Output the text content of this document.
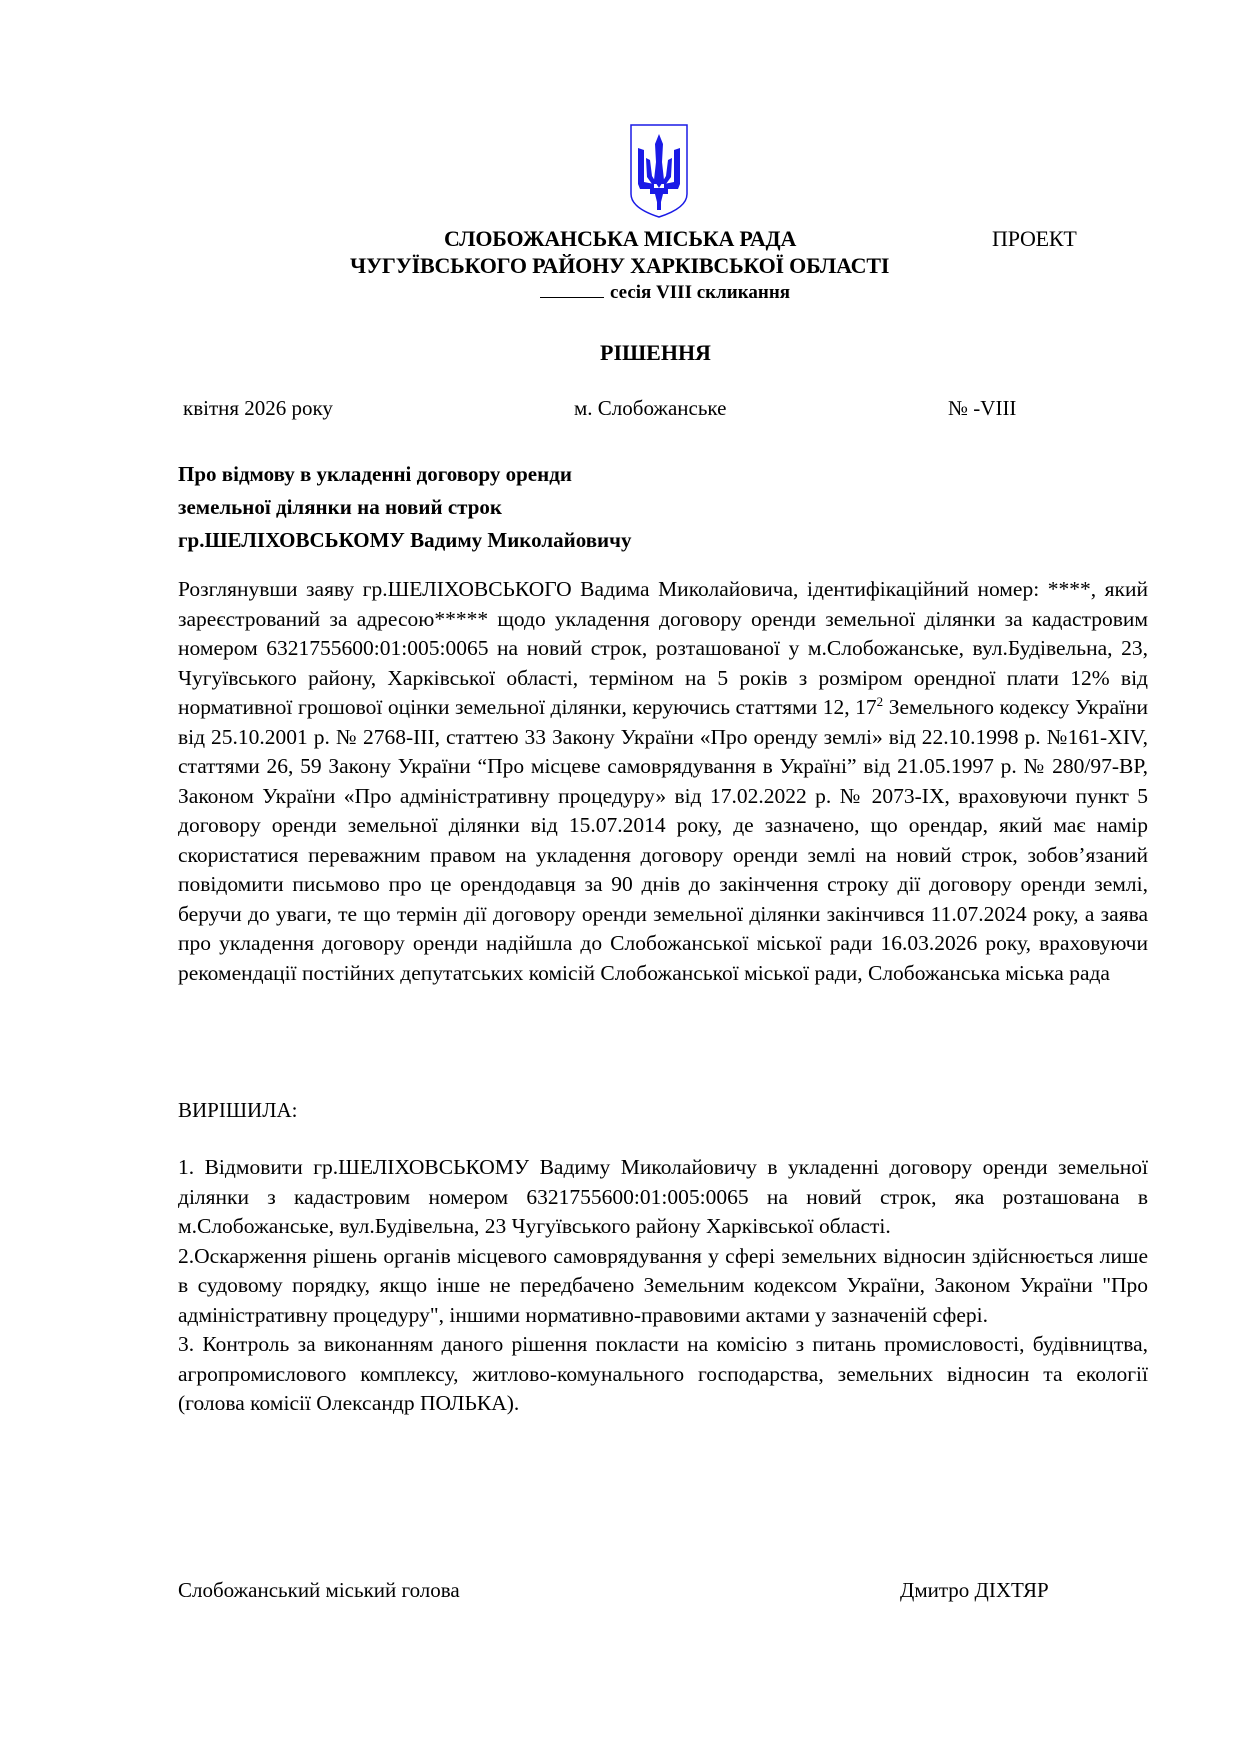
СЛОБОЖАНСЬКА МІСЬКА РАДА	ПРОЕКТ
ЧУГУЇВСЬКОГО РАЙОНУ ХАРКІВСЬКОЇ ОБЛАСТІ
сесія VIII скликання
РІШЕННЯ
квітня 2026 року	м. Слобожанське	№ -VIII
Про відмову в укладенні договору оренди
земельної ділянки на новий строк
гр.ШЕЛІХОВСЬКОМУ Вадиму Миколайовичу
Розглянувши заяву гр.ШЕЛІХОВСЬКОГО Вадима Миколайовича, ідентифікаційний номер: ****, який зареєстрований за адресою***** щодо укладення договору оренди земельної ділянки за кадастровим номером 6321755600:01:005:0065 на новий строк, розташованої у м.Слобожанське, вул.Будівельна, 23, Чугуївського району, Харківської області, терміном на 5 років з розміром орендної плати 12% від нормативної грошової оцінки земельної ділянки, керуючись статтями 12, $17^2$ Земельного кодексу України від 25.10.2001 р. № 2768-ІІІ, статтею 33 Закону України «Про оренду землі» від 22.10.1998 р. №161-XIV, статтями 26, 59 Закону України “Про місцеве самоврядування в Україні” від 21.05.1997 р. № 280/97-ВР, Законом України «Про адміністративну процедуру» від 17.02.2022 р. № 2073-ІХ, враховуючи пункт 5 договору оренди земельної ділянки від 15.07.2014 року, де зазначено, що орендар, який має намір скористатися переважним правом на укладення договору оренди землі на новий строк, зобов’язаний повідомити письмово про це орендодавця за 90 днів до закінчення строку дії договору оренди землі, беручи до уваги, те що термін дії договору оренди земельної ділянки закінчився 11.07.2024 року, а заява про укладення договору оренди надійшла до Слобожанської міської ради 16.03.2026 року, враховуючи рекомендації постійних депутатських комісій Слобожанської міської ради, Слобожанська міська рада
ВИРІШИЛА:

1. Відмовити гр.ШЕЛІХОВСЬКОМУ Вадиму Миколайовичу в укладенні договору оренди земельної ділянки з кадастровим номером 6321755600:01:005:0065 на новий строк, яка розташована в м.Слобожанське, вул.Будівельна, 23 Чугуївського району Харківської області.

2.Оскарження рішень органів місцевого самоврядування у сфері земельних відносин здійснюється лише в судовому порядку, якщо інше не передбачено Земельним кодексом України, Законом України "Про адміністративну процедуру", іншими нормативно-правовими актами у зазначеній сфері.

3. Контроль за виконанням даного рішення покласти на комісію з питань промисловості, будівництва, агропромислового комплексу, житлово-комунального господарства, земельних відносин та екології (голова комісії Олександр ПОЛЬКА).

Слобожанський міський голова	Дмитро ДІХТЯР
